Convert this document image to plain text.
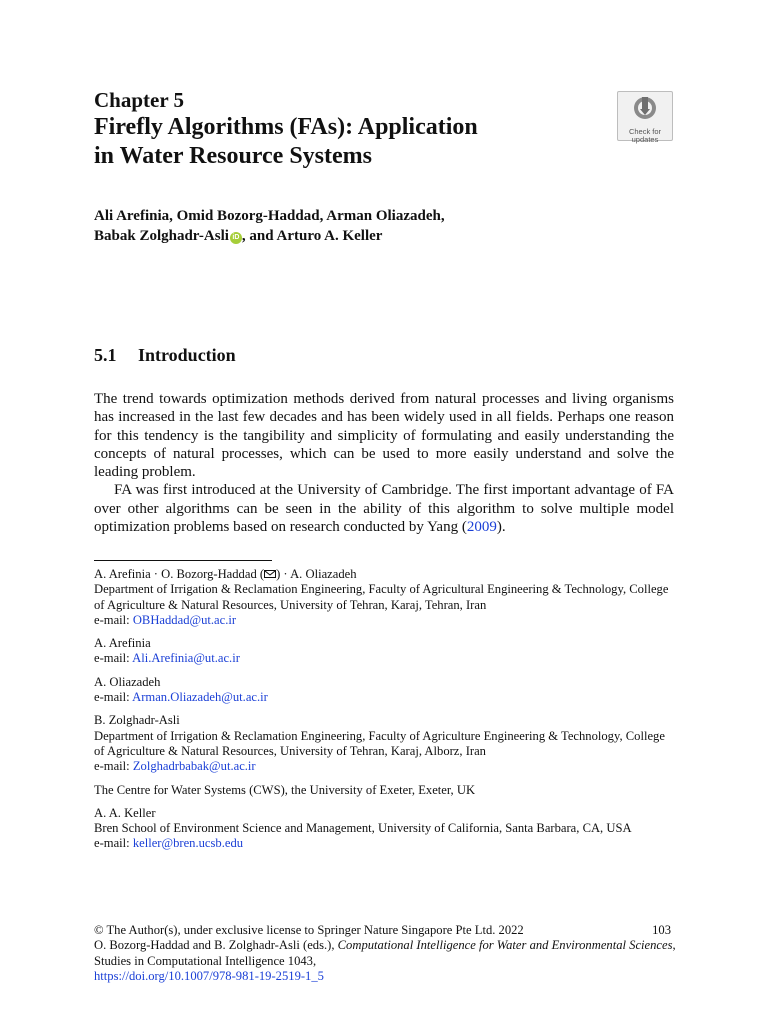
Chapter 5
Firefly Algorithms (FAs): Application
in Water Resource Systems
Check for
updates
Ali Arefinia, Omid Bozorg-Haddad, Arman Oliazadeh,
Babak Zolghadr-Asli iD , and Arturo A. Keller
5.1 Introduction

The trend towards optimization methods derived from natural processes and living organisms has increased in the last few decades and has been widely used in all fields. Perhaps one reason for this tendency is the tangibility and simplicity of formulating and easily understanding the concepts of natural processes, which can be used to more easily understand and solve the leading problem.

FA was first introduced at the University of Cambridge. The first important advantage of FA over other algorithms can be seen in the ability of this algorithm to solve multiple model optimization problems based on research conducted by Yang (2009).

A. Arefinia · O. Bozorg-Haddad ( ) · A. Oliazadeh
Department of Irrigation & Reclamation Engineering, Faculty of Agricultural Engineering & Technology, College of Agriculture & Natural Resources, University of Tehran, Karaj, Tehran, Iran
e-mail: OBHaddad@ut.ac.ir
A. Arefinia
e-mail: Ali.Arefinia@ut.ac.ir
A. Oliazadeh
e-mail: Arman.Oliazadeh@ut.ac.ir
B. Zolghadr-Asli
Department of Irrigation & Reclamation Engineering, Faculty of Agriculture Engineering & Technology, College of Agriculture & Natural Resources, University of Tehran, Karaj, Alborz, Iran
e-mail: Zolghadrbabak@ut.ac.ir
The Centre for Water Systems (CWS), the University of Exeter, Exeter, UK
A. A. Keller
Bren School of Environment Science and Management, University of California, Santa Barbara, CA, USA
e-mail: keller@bren.ucsb.edu
© The Author(s), under exclusive license to Springer Nature Singapore Pte Ltd. 2022	103
O. Bozorg-Haddad and B. Zolghadr-Asli (eds.), Computational Intelligence for Water and Environmental Sciences, Studies in Computational Intelligence 1043,
https://doi.org/10.1007/978-981-19-2519-1_5
